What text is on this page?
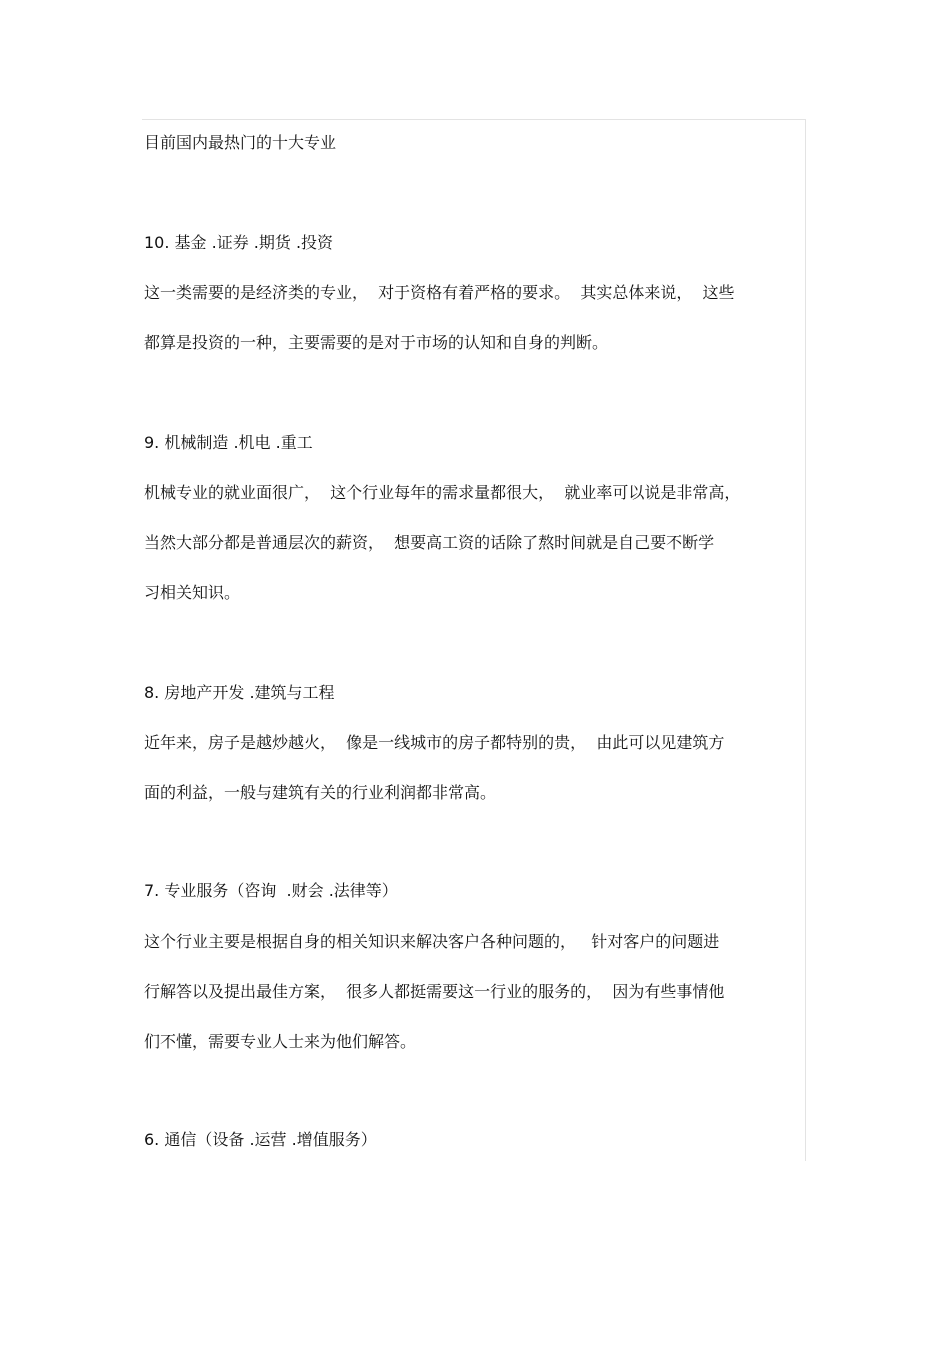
目前国内最热门的十大专业
10. 基金 .证券 .期货 .投资
这一类需要的是经济类的专业，  对于资格有着严格的要求。  其实总体来说，  这些
都算是投资的一种，主要需要的是对于市场的认知和自身的判断。
9. 机械制造 .机电 .重工
机械专业的就业面很广，  这个行业每年的需求量都很大，  就业率可以说是非常高，
当然大部分都是普通层次的薪资，  想要高工资的话除了熬时间就是自己要不断学
习相关知识。
8. 房地产开发 .建筑与工程
近年来，房子是越炒越火，  像是一线城市的房子都特别的贵，  由此可以见建筑方
面的利益，一般与建筑有关的行业利润都非常高。
7. 专业服务（咨询  .财会 .法律等）
这个行业主要是根据自身的相关知识来解决客户各种问题的，   针对客户的问题进
行解答以及提出最佳方案，  很多人都挺需要这一行业的服务的，  因为有些事情他
们不懂，需要专业人士来为他们解答。
6. 通信（设备 .运营 .增值服务）
